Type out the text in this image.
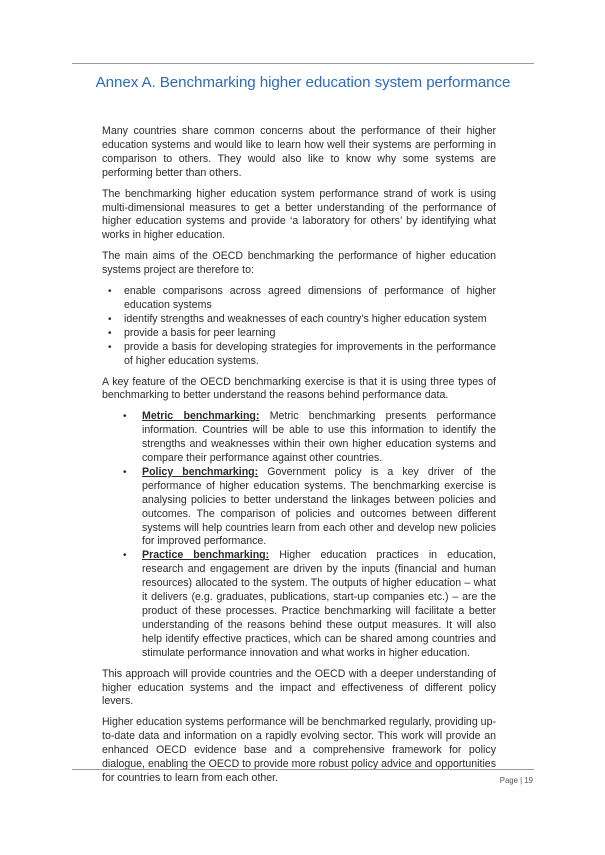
Annex A. Benchmarking higher education system performance

Many countries share common concerns about the performance of their higher education systems and would like to learn how well their systems are performing in comparison to others. They would also like to know why some systems are performing better than others.

The benchmarking higher education system performance strand of work is using multi-dimensional measures to get a better understanding of the performance of higher education systems and provide ‘a laboratory for others’ by identifying what works in higher education.

The main aims of the OECD benchmarking the performance of higher education systems project are therefore to:

• enable comparisons across agreed dimensions of performance of higher education systems
• identify strengths and weaknesses of each country’s higher education system
• provide a basis for peer learning
• provide a basis for developing strategies for improvements in the performance of higher education systems.

A key feature of the OECD benchmarking exercise is that it is using three types of benchmarking to better understand the reasons behind performance data.

• Metric benchmarking: Metric benchmarking presents performance information. Countries will be able to use this information to identify the strengths and weaknesses within their own higher education systems and compare their performance against other countries.
• Policy benchmarking: Government policy is a key driver of the performance of higher education systems. The benchmarking exercise is analysing policies to better understand the linkages between policies and outcomes. The comparison of policies and outcomes between different systems will help countries learn from each other and develop new policies for improved performance.
• Practice benchmarking: Higher education practices in education, research and engagement are driven by the inputs (financial and human resources) allocated to the system. The outputs of higher education – what it delivers (e.g. graduates, publications, start-up companies etc.) – are the product of these processes. Practice benchmarking will facilitate a better understanding of the reasons behind these output measures. It will also help identify effective practices, which can be shared among countries and stimulate performance innovation and what works in higher education.

This approach will provide countries and the OECD with a deeper understanding of higher education systems and the impact and effectiveness of different policy levers.

Higher education systems performance will be benchmarked regularly, providing up-to-date data and information on a rapidly evolving sector. This work will provide an enhanced OECD evidence base and a comprehensive framework for policy dialogue, enabling the OECD to provide more robust policy advice and opportunities for countries to learn from each other.	Page | 19
